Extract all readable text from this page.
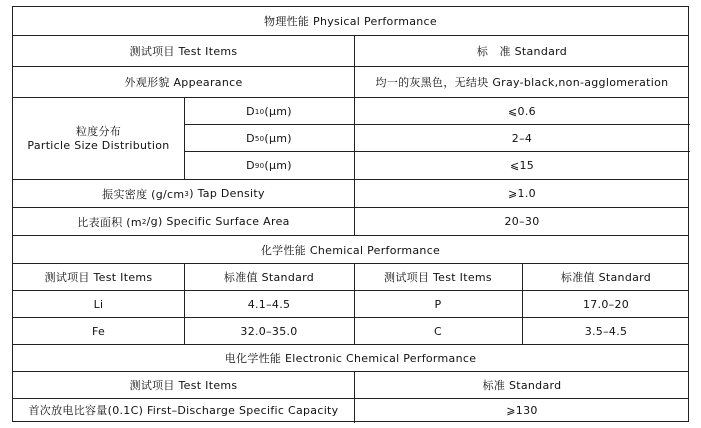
物理性能 Physical Performance
测试项目 Test Items	标　准 Standard
外观形貌 Appearance	均一的灰黑色，无结块 Gray-black,non-agglomeration
粒度分布
Particle Size Distribution
D 10 (μm)	⩽0.6
D 50 (μm)	2–4
D 90 (μm)	⩽15
振实密度 (g/cm 3 ) Tap Density	⩾1.0
比表面积 (m 2 /g) Specific Surface Area	20–30
化学性能 Chemical Performance
测试项目 Test Items	标准值 Standard	测试项目 Test Items	标准值 Standard
Li	4.1–4.5	P	17.0–20
Fe	32.0–35.0	C	3.5–4.5
电化学性能 Electronic Chemical Performance
测试项目 Test Items	标准 Standard
首次放电比容量(0.1C) First–Discharge Specific Capacity	⩾130
